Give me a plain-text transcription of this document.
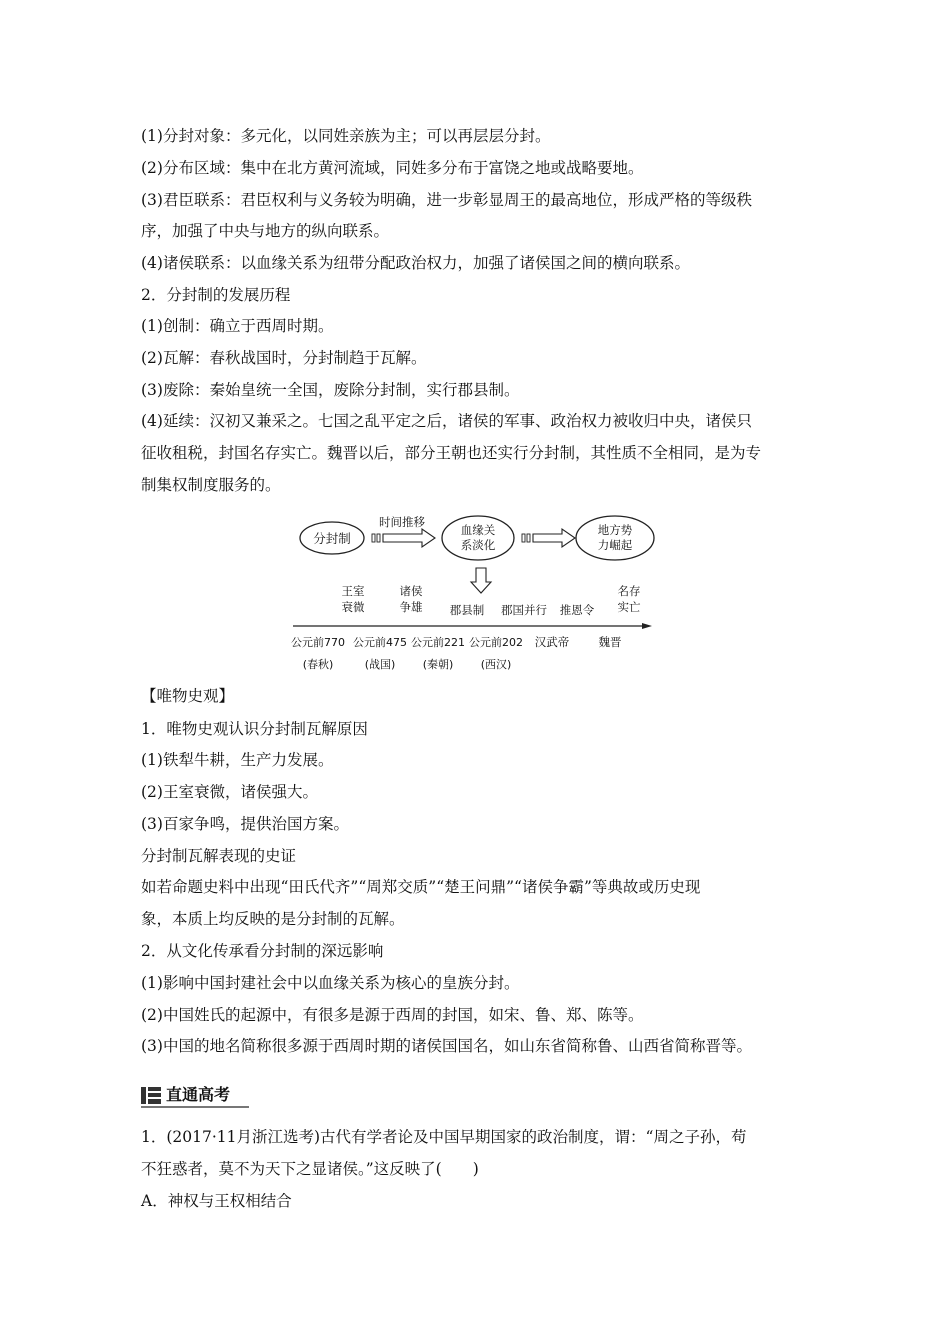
(1)分封对象：多元化，以同姓亲族为主；可以再层层分封。
(2)分布区域：集中在北方黄河流域，同姓多分布于富饶之地或战略要地。
(3)君臣联系：君臣权利与义务较为明确，进一步彰显周王的最高地位，形成严格的等级秩
序，加强了中央与地方的纵向联系。
(4)诸侯联系：以血缘关系为纽带分配政治权力，加强了诸侯国之间的横向联系。
2．分封制的发展历程
(1)创制：确立于西周时期。
(2)瓦解：春秋战国时，分封制趋于瓦解。
(3)废除：秦始皇统一全国，废除分封制，实行郡县制。
(4)延续：汉初又兼采之。七国之乱平定之后，诸侯的军事、政治权力被收归中央，诸侯只
征收租税，封国名存实亡。魏晋以后，部分王朝也还实行分封制，其性质不全相同，是为专
制集权制度服务的。
分封制
时间推移
血缘关
系淡化
地方势
力崛起
王室
衰微
诸侯
争雄 郡县制 郡国并行 推恩令
名存
实亡
公元前770
(春秋)
公元前475
(战国)
公元前221
(秦朝)
公元前202
(西汉)
汉武帝	魏晋
【唯物史观】
1．唯物史观认识分封制瓦解原因
(1)铁犁牛耕，生产力发展。
(2)王室衰微，诸侯强大。
(3)百家争鸣，提供治国方案。
分封制瓦解表现的史证
如若命题史料中出现“田氏代齐”“周郑交质”“楚王问鼎”“诸侯争霸”等典故或历史现
象，本质上均反映的是分封制的瓦解。
2．从文化传承看分封制的深远影响
(1)影响中国封建社会中以血缘关系为核心的皇族分封。
(2)中国姓氏的起源中，有很多是源于西周的封国，如宋、鲁、郑、陈等。
(3)中国的地名简称很多源于西周时期的诸侯国国名，如山东省简称鲁、山西省简称晋等。
直通高考
1．(2017·11月浙江选考)古代有学者论及中国早期国家的政治制度，谓：“周之子孙，苟
不狂惑者，莫不为天下之显诸侯。”这反映了(　　)
A．神权与王权相结合
